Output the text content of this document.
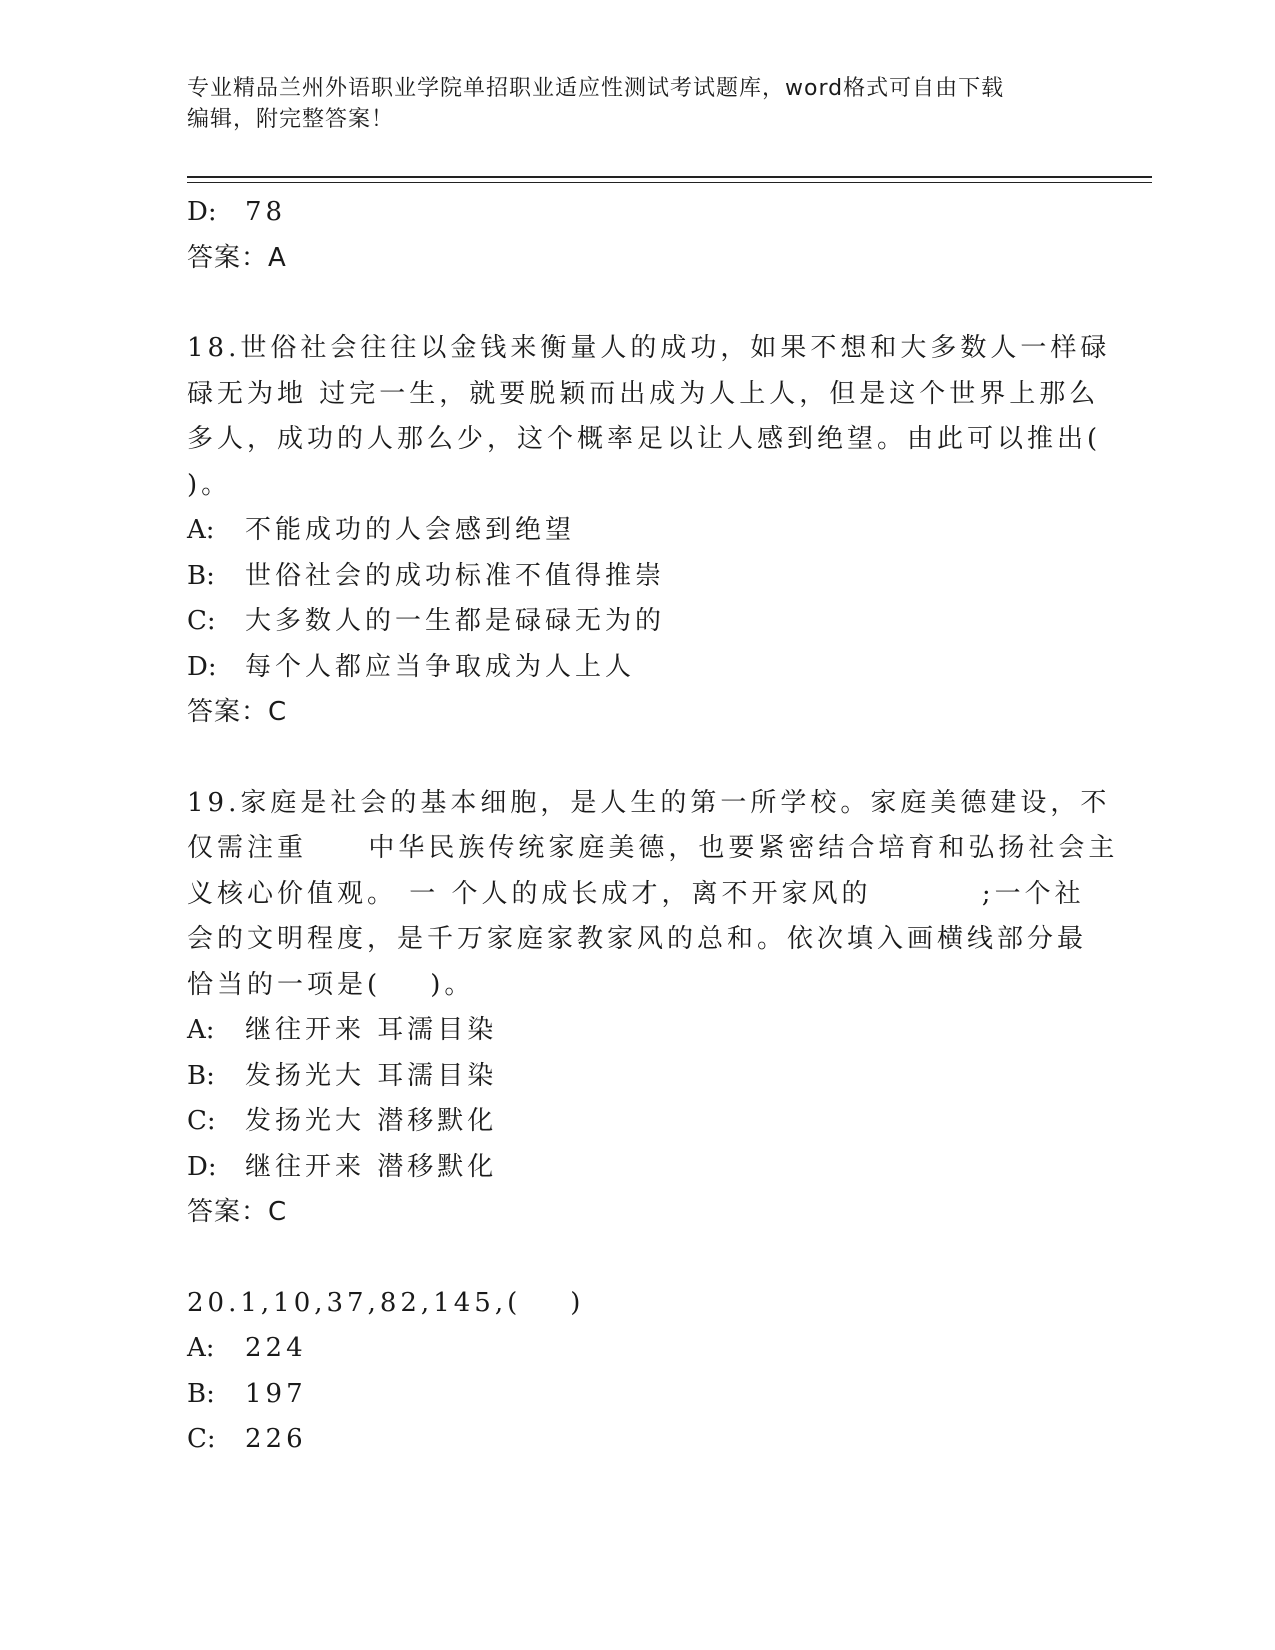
专业精品兰州外语职业学院单招职业适应性测试考试题库，word格式可自由下载
编辑，附完整答案！
D: 78
答案：A
18.世俗社会往往以金钱来衡量人的成功，如果不想和大多数人一样碌
碌无为地 过完一生，就要脱颖而出成为人上人，但是这个世界上那么
多人，成功的人那么少，这个概率足以让人感到绝望。由此可以推出(
)。
A: 不能成功的人会感到绝望
B: 世俗社会的成功标准不值得推崇
C: 大多数人的一生都是碌碌无为的
D: 每个人都应当争取成为人上人
答案：C
19.家庭是社会的基本细胞，是人生的第一所学校。家庭美德建设，不
仅需注重     中华民族传统家庭美德，也要紧密结合培育和弘扬社会主
义核心价值观。 一 个人的成长成才，离不开家风的         ;一个社
会的文明程度，是千万家庭家教家风的总和。依次填入画横线部分最
恰当的一项是(    )。
A: 继往开来 耳濡目染
B: 发扬光大 耳濡目染
C: 发扬光大 潜移默化
D: 继往开来 潜移默化
答案：C
20.1,10,37,82,145,(    )
A: 224
B: 197
C: 226
